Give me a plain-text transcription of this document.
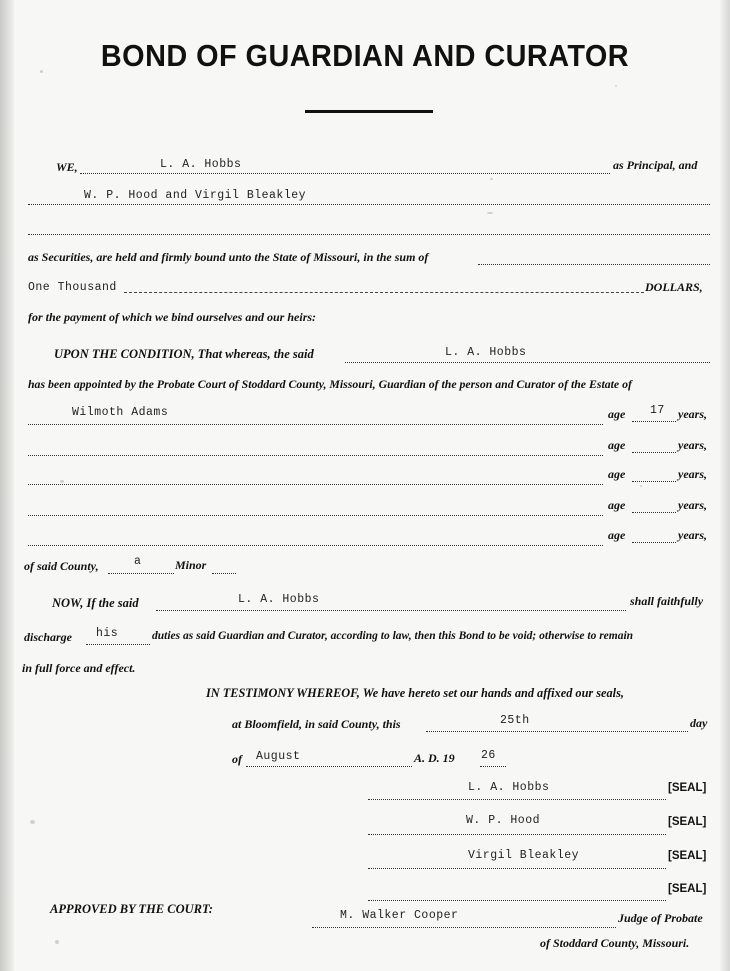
BOND OF GUARDIAN AND CURATOR
WE,	L. A. Hobbs	as Principal, and
W. P. Hood and Virgil Bleakley
as Securities, are held and firmly bound unto the State of Missouri, in the sum of
One Thousand	DOLLARS,
for the payment of which we bind ourselves and our heirs:
UPON THE CONDITION, That whereas, the said	L. A. Hobbs
has been appointed by the Probate Court of Stoddard County, Missouri, Guardian of the person and Curator of the Estate of
Wilmoth Adams	age 17 years,
age	years,
age	years,
age	years,
age	years,
of said County,	a	Minor
NOW, If the said	L. A. Hobbs	shall faithfully
discharge his	duties as said Guardian and Curator, according to law, then this Bond to be void; otherwise to remain
in full force and effect.
IN TESTIMONY WHEREOF, We have hereto set our hands and affixed our seals,
at Bloomfield, in said County, this	25th	day
of August	A. D. 19 26
L. A. Hobbs	[SEAL]
W. P. Hood	[SEAL]
Virgil Bleakley	[SEAL]
[SEAL]
APPROVED BY THE COURT:	M. Walker Cooper	Judge of Probate
of Stoddard County, Missouri.
